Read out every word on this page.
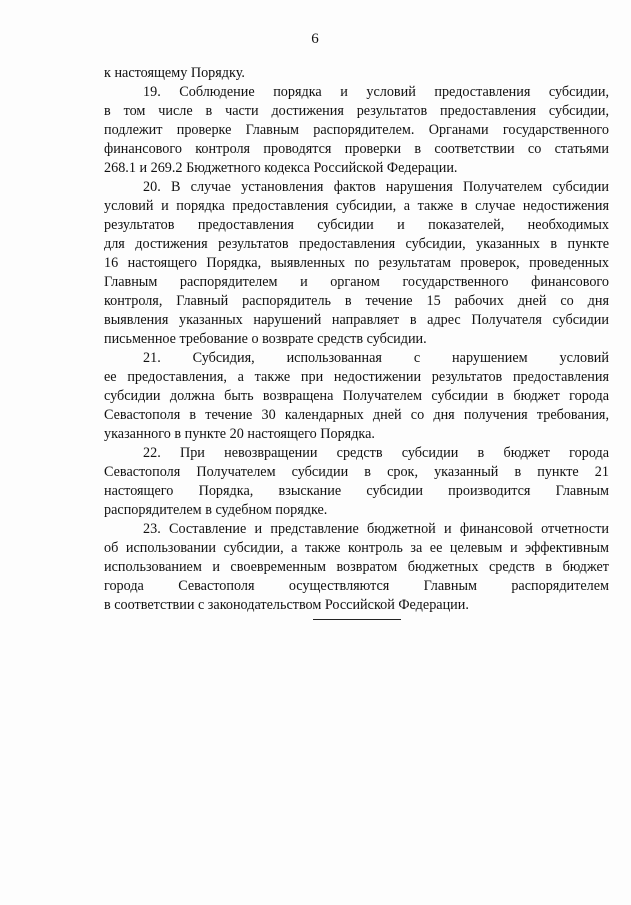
6
к настоящему Порядку.
19. Соблюдение порядка и условий предоставления субсидии,
в том числе в части достижения результатов предоставления субсидии,
подлежит проверке Главным распорядителем. Органами государственного
финансового контроля проводятся проверки в соответствии со статьями
268.1 и 269.2 Бюджетного кодекса Российской Федерации.
20. В случае установления фактов нарушения Получателем субсидии
условий и порядка предоставления субсидии, а также в случае недостижения
результатов предоставления субсидии и показателей, необходимых
для достижения результатов предоставления субсидии, указанных в пункте
16 настоящего Порядка, выявленных по результатам проверок, проведенных
Главным распорядителем и органом государственного финансового
контроля, Главный распорядитель в течение 15 рабочих дней со дня
выявления указанных нарушений направляет в адрес Получателя субсидии
письменное требование о возврате средств субсидии.
21. Субсидия, использованная с нарушением условий
ее предоставления, а также при недостижении результатов предоставления
субсидии должна быть возвращена Получателем субсидии в бюджет города
Севастополя в течение 30 календарных дней со дня получения требования,
указанного в пункте 20 настоящего Порядка.
22. При невозвращении средств субсидии в бюджет города
Севастополя Получателем субсидии в срок, указанный в пункте 21
настоящего Порядка, взыскание субсидии производится Главным
распорядителем в судебном порядке.
23. Составление и представление бюджетной и финансовой отчетности
об использовании субсидии, а также контроль за ее целевым и эффективным
использованием и своевременным возвратом бюджетных средств в бюджет
города Севастополя осуществляются Главным распорядителем
в соответствии с законодательством Российской Федерации.
